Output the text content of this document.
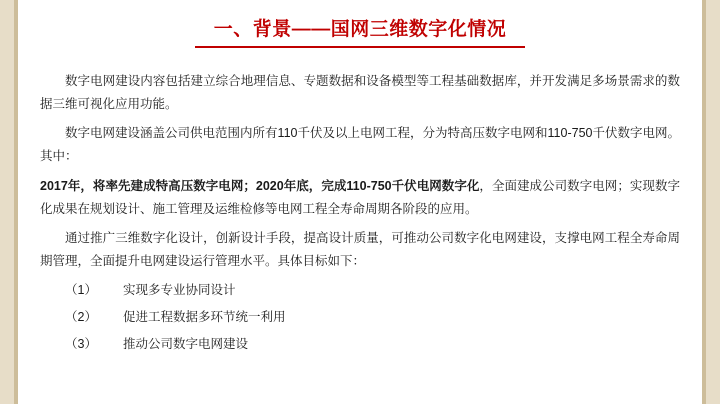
一、背景——国网三维数字化情况

数字电网建设内容包括建立综合地理信息、专题数据和设备模型等工程基础数据库，并开发满足多场景需求的数据三维可视化应用功能。

数字电网建设涵盖公司供电范围内所有110千伏及以上电网工程，分为特高压数字电网和110-750千伏数字电网。其中：

2017年，将率先建成特高压数字电网；2020年底，完成110-750千伏电网数字化，全面建成公司数字电网；实现数字化成果在规划设计、施工管理及运维检修等电网工程全寿命周期各阶段的应用。

通过推广三维数字化设计，创新设计手段，提高设计质量，可推动公司数字化电网建设，支撑电网工程全寿命周期管理，全面提升电网建设运行管理水平。具体目标如下：

（1）	实现多专业协同设计
（2）	促进工程数据多环节统一利用
（3）	推动公司数字电网建设
